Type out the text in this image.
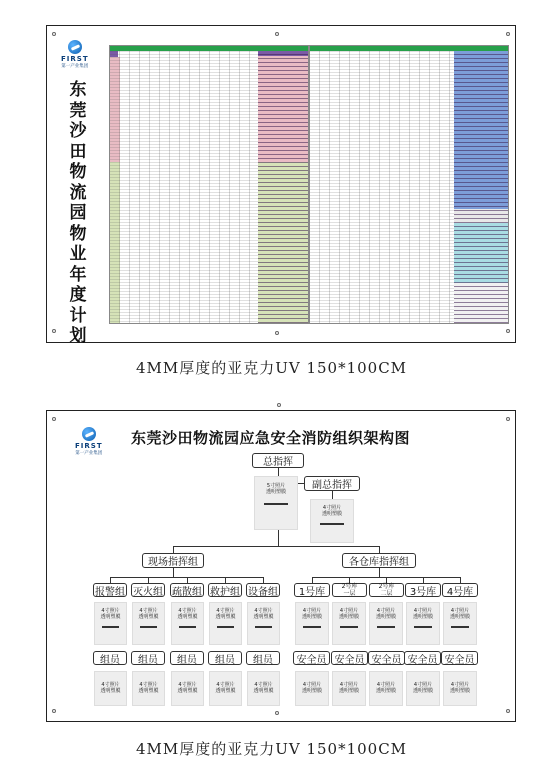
FIRST
第一产业集团
东
莞
沙
田
物
流
园
物
业
年
度
计
划
4MM厚度的亚克力UV 150*100CM
FIRST
第一产业集团
东莞沙田物流园应急安全消防组织架构图
总指挥
5寸照片
透明塑膜
副总指挥
4寸照片
透明塑膜
现场指挥组	各仓库指挥组
报警组 灭火组 疏散组 救护组 设备组	1号库	2号库一层
2号库二层	3号库	4号库
4寸照片
透明塑膜
4寸照片
透明塑膜
4寸照片
透明塑膜
4寸照片
透明塑膜
4寸照片
透明塑膜
4寸照片
透明塑膜
4寸照片
透明塑膜
4寸照片
透明塑膜
4寸照片
透明塑膜
4寸照片
透明塑膜
组员	组员	组员	组员	组员	安全员 安全员 安全员 安全员 安全员
4寸照片
透明塑膜
4寸照片
透明塑膜
4寸照片
透明塑膜
4寸照片
透明塑膜
4寸照片
透明塑膜
4寸照片
透明塑膜
4寸照片
透明塑膜
4寸照片
透明塑膜
4寸照片
透明塑膜
4寸照片
透明塑膜
4MM厚度的亚克力UV 150*100CM
